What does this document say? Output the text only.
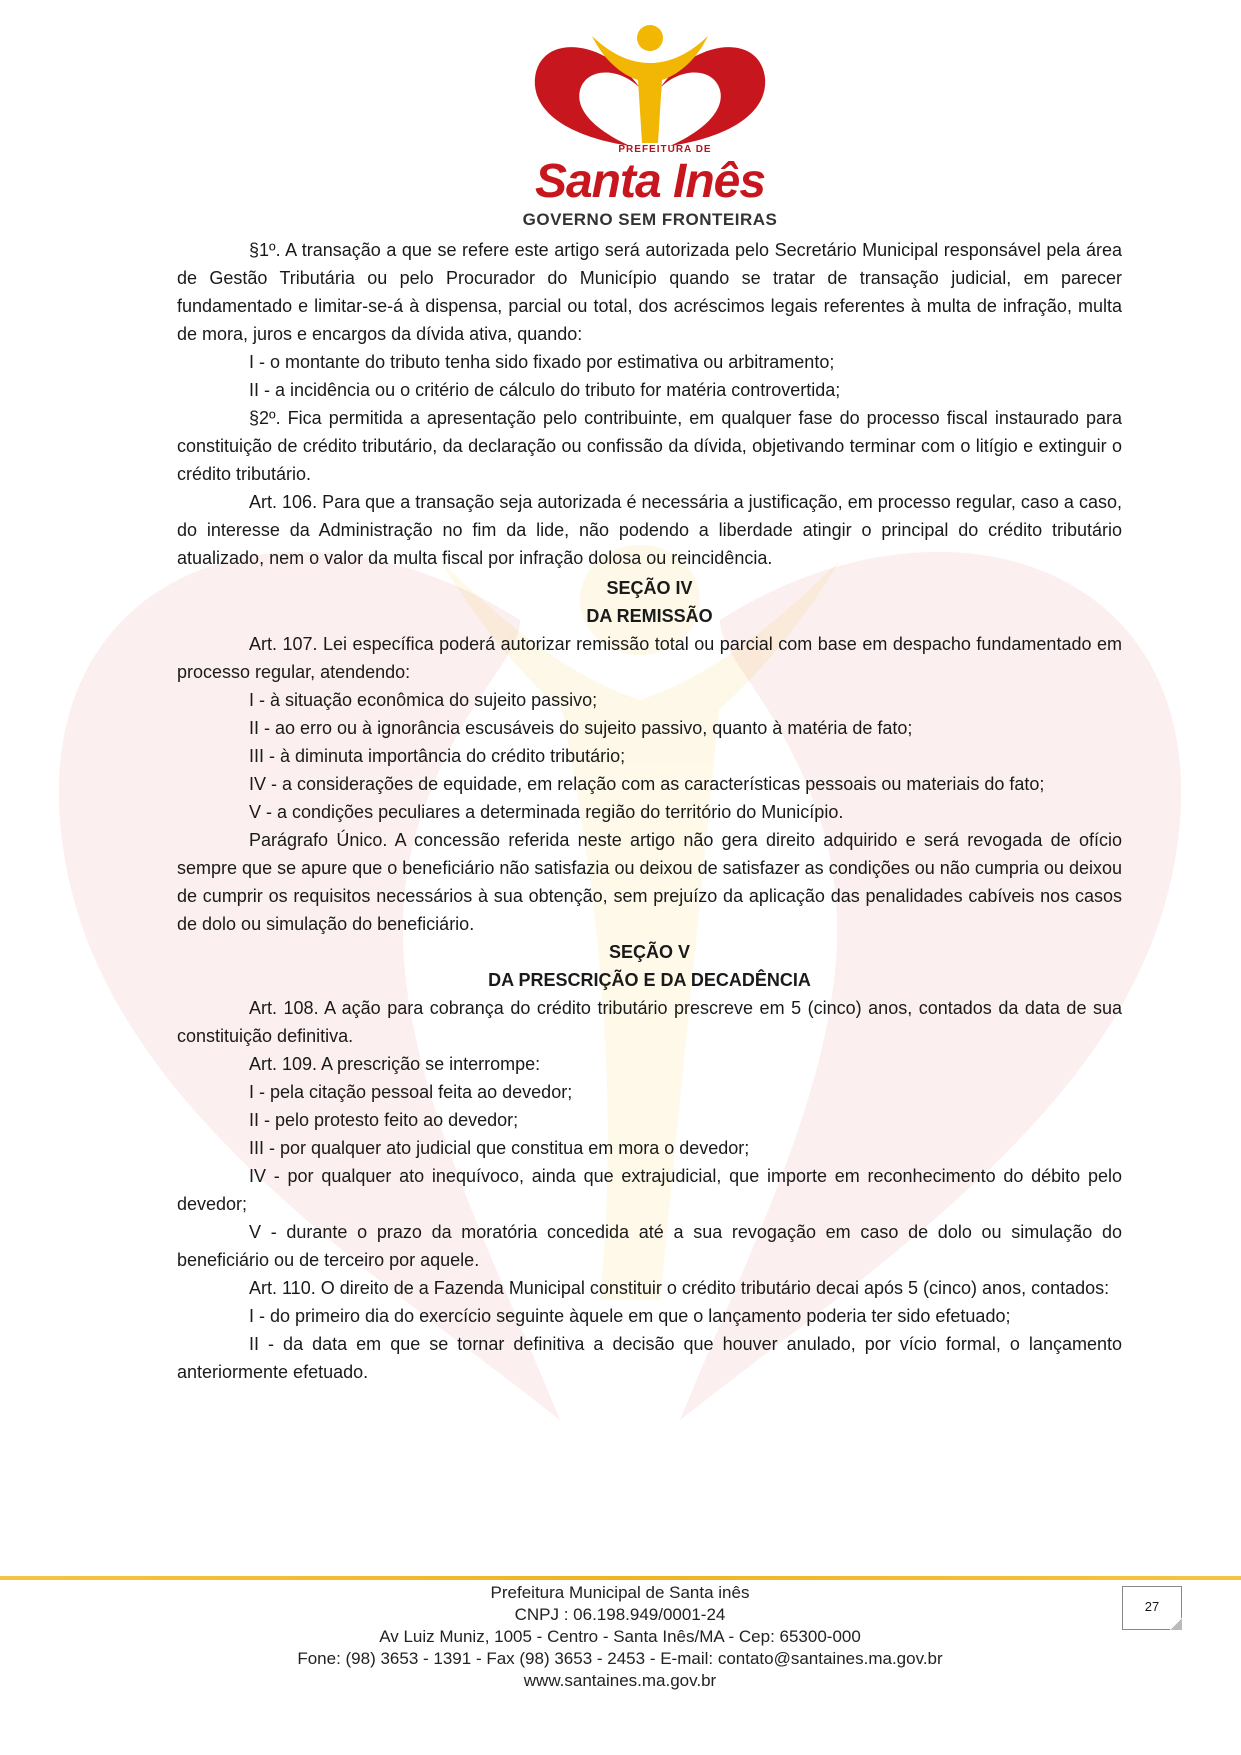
PREFEITURA DE
Santa Inês
GOVERNO SEM FRONTEIRAS

§1º. A transação a que se refere este artigo será autorizada pelo Secretário Municipal responsável pela área de Gestão Tributária ou pelo Procurador do Município quando se tratar de transação judicial, em parecer fundamentado e limitar-se-á à dispensa, parcial ou total, dos acréscimos legais referentes à multa de infração, multa de mora, juros e encargos da dívida ativa, quando:

I - o montante do tributo tenha sido fixado por estimativa ou arbitramento;

II - a incidência ou o critério de cálculo do tributo for matéria controvertida;

§2º. Fica permitida a apresentação pelo contribuinte, em qualquer fase do processo fiscal instaurado para constituição de crédito tributário, da declaração ou confissão da dívida, objetivando terminar com o litígio e extinguir o crédito tributário.

Art. 106. Para que a transação seja autorizada é necessária a justificação, em processo regular, caso a caso, do interesse da Administração no fim da lide, não podendo a liberdade atingir o principal do crédito tributário atualizado, nem o valor da multa fiscal por infração dolosa ou reincidência.

SEÇÃO IV

DA REMISSÃO

Art. 107. Lei específica poderá autorizar remissão total ou parcial com base em despacho fundamentado em processo regular, atendendo:

I - à situação econômica do sujeito passivo;

II - ao erro ou à ignorância escusáveis do sujeito passivo, quanto à matéria de fato;

III - à diminuta importância do crédito tributário;

IV - a considerações de equidade, em relação com as características pessoais ou materiais do fato;

V - a condições peculiares a determinada região do território do Município.

Parágrafo Único. A concessão referida neste artigo não gera direito adquirido e será revogada de ofício sempre que se apure que o beneficiário não satisfazia ou deixou de satisfazer as condições ou não cumpria ou deixou de cumprir os requisitos necessários à sua obtenção, sem prejuízo da aplicação das penalidades cabíveis nos casos de dolo ou simulação do beneficiário.

SEÇÃO V

DA PRESCRIÇÃO E DA DECADÊNCIA

Art. 108. A ação para cobrança do crédito tributário prescreve em 5 (cinco) anos, contados da data de sua constituição definitiva.

Art. 109. A prescrição se interrompe:

I - pela citação pessoal feita ao devedor;

II - pelo protesto feito ao devedor;

III - por qualquer ato judicial que constitua em mora o devedor;

IV - por qualquer ato inequívoco, ainda que extrajudicial, que importe em reconhecimento do débito pelo devedor;

V - durante o prazo da moratória concedida até a sua revogação em caso de dolo ou simulação do beneficiário ou de terceiro por aquele.

Art. 110. O direito de a Fazenda Municipal constituir o crédito tributário decai após 5 (cinco) anos, contados:

I - do primeiro dia do exercício seguinte àquele em que o lançamento poderia ter sido efetuado;

II - da data em que se tornar definitiva a decisão que houver anulado, por vício formal, o lançamento anteriormente efetuado.

Prefeitura Municipal de Santa inês
CNPJ : 06.198.949/0001-24
Av Luiz Muniz, 1005 - Centro - Santa Inês/MA - Cep: 65300-000
Fone: (98) 3653 - 1391 - Fax (98) 3653 - 2453 - E-mail: contato@santaines.ma.gov.br
www.santaines.ma.gov.br
27
